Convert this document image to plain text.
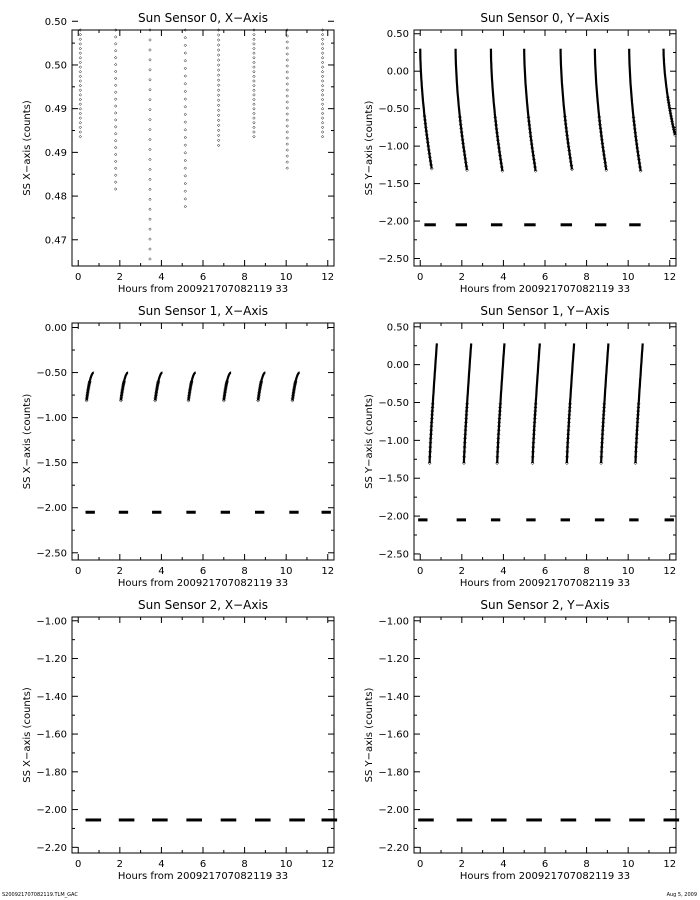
Sun Sensor 0, X−Axis
0	2	4	6	8	10	12
0.47
0.48
0.49
0.49
0.50
0.50
Hours from 200921707082119 33
SS X−axis (counts)
Sun Sensor 0, Y−Axis
0	2	4	6	8	10	12
0.50
0.00
−0.50
−1.00
−1.50
−2.00
−2.50
Hours from 200921707082119 33
SS Y−axis (counts)
Sun Sensor 1, X−Axis
0	2	4	6	8	10	12
0.00
−0.50
−1.00
−1.50
−2.00
−2.50
Hours from 200921707082119 33
SS X−axis (counts)
Sun Sensor 1, Y−Axis
0	2	4	6	8	10	12
0.50
0.00
−0.50
−1.00
−1.50
−2.00
−2.50
Hours from 200921707082119 33
SS Y−axis (counts)
Sun Sensor 2, X−Axis
0	2	4	6	8	10	12
−1.00
−1.20
−1.40
−1.60
−1.80
−2.00
−2.20
Hours from 200921707082119 33
SS X−axis (counts)
Sun Sensor 2, Y−Axis
0	2	4	6	8	10	12
−1.00
−1.20
−1.40
−1.60
−1.80
−2.00
−2.20
Hours from 200921707082119 33
SS Y−axis (counts)
S200921707082119.TLM_GAC	Aug 5, 2009
